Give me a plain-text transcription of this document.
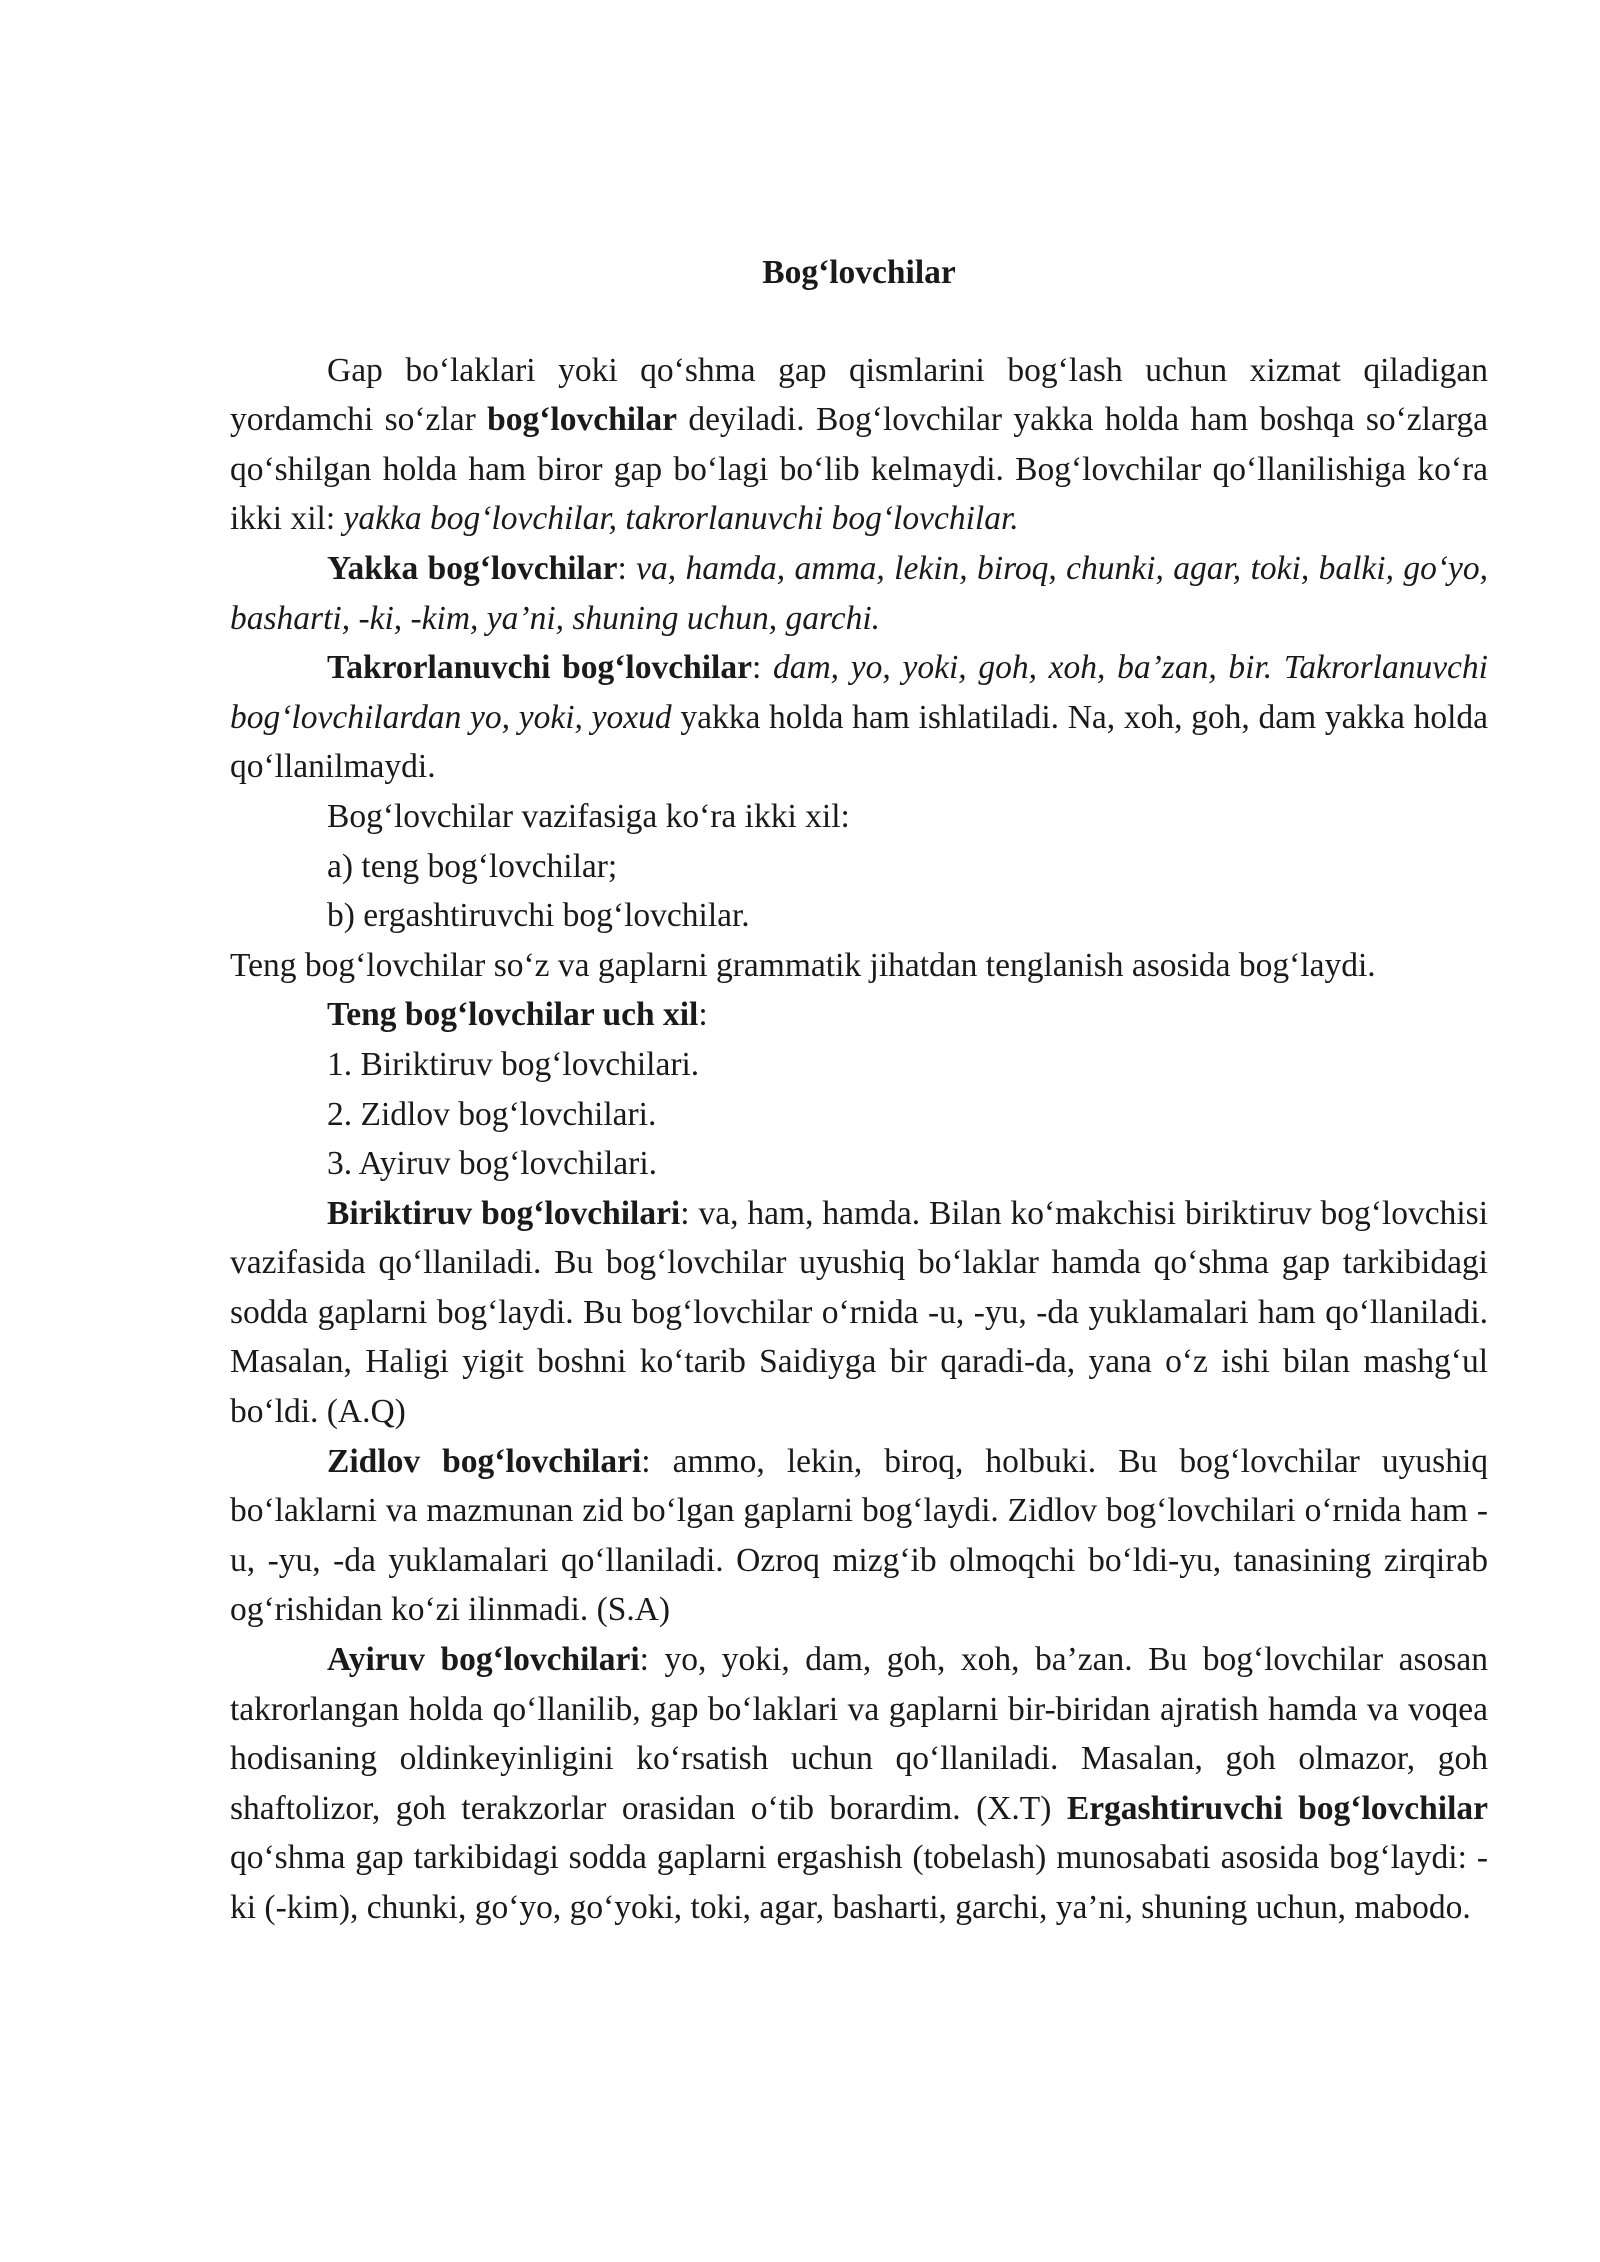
Bog‘lovchilar

Gap bo‘laklari yoki qo‘shma gap qismlarini bog‘lash uchun xizmat qiladigan yordamchi so‘zlar bog‘lovchilar deyiladi. Bog‘lovchilar yakka holda ham boshqa so‘zlarga qo‘shilgan holda ham biror gap bo‘lagi bo‘lib kelmaydi. Bog‘lovchilar qo‘llanilishiga ko‘ra ikki xil: yakka bog‘lovchilar, takrorlanuvchi bog‘lovchilar.

Yakka bog‘lovchilar: va, hamda, amma, lekin, biroq, chunki, agar, toki, balki, go‘yo, basharti, -ki, -kim, ya’ni, shuning uchun, garchi.

Takrorlanuvchi bog‘lovchilar: dam, yo, yoki, goh, xoh, ba’zan, bir. Takrorlanuvchi bog‘lovchilardan yo, yoki, yoxud yakka holda ham ishlatiladi. Na, xoh, goh, dam yakka holda qo‘llanilmaydi.

Bog‘lovchilar vazifasiga ko‘ra ikki xil:

a) teng bog‘lovchilar;

b) ergashtiruvchi bog‘lovchilar.

Teng bog‘lovchilar so‘z va gaplarni grammatik jihatdan tenglanish asosida bog‘laydi.

Teng bog‘lovchilar uch xil:

1. Biriktiruv bog‘lovchilari.

2. Zidlov bog‘lovchilari.

3. Ayiruv bog‘lovchilari.

Biriktiruv bog‘lovchilari: va, ham, hamda. Bilan ko‘makchisi biriktiruv bog‘lovchisi vazifasida qo‘llaniladi. Bu bog‘lovchilar uyushiq bo‘laklar hamda qo‘shma gap tarkibidagi sodda gaplarni bog‘laydi. Bu bog‘lovchilar o‘rnida -u, -yu, -da yuklamalari ham qo‘llaniladi. Masalan, Haligi yigit boshni ko‘tarib Saidiyga bir qaradi-da, yana o‘z ishi bilan mashg‘ul bo‘ldi. (A.Q)

Zidlov bog‘lovchilari: ammo, lekin, biroq, holbuki. Bu bog‘lovchilar uyushiq bo‘laklarni va mazmunan zid bo‘lgan gaplarni bog‘laydi. Zidlov bog‘lovchilari o‘rnida ham -u, -yu, -da yuklamalari qo‘llaniladi. Ozroq mizg‘ib olmoqchi bo‘ldi-yu, tanasining zirqirab og‘rishidan ko‘zi ilinmadi. (S.A)

Ayiruv bog‘lovchilari: yo, yoki, dam, goh, xoh, ba’zan. Bu bog‘lovchilar asosan takrorlangan holda qo‘llanilib, gap bo‘laklari va gaplarni bir-biridan ajratish hamda va voqea hodisaning oldinkeyinligini ko‘rsatish uchun qo‘llaniladi. Masalan, goh olmazor, goh shaftolizor, goh terakzorlar orasidan o‘tib borardim. (X.T) Ergashtiruvchi bog‘lovchilar qo‘shma gap tarkibidagi sodda gaplarni ergashish (tobelash) munosabati asosida bog‘laydi: -ki (-kim), chunki, go‘yo, go‘yoki, toki, agar, basharti, garchi, ya’ni, shuning uchun, mabodo.
